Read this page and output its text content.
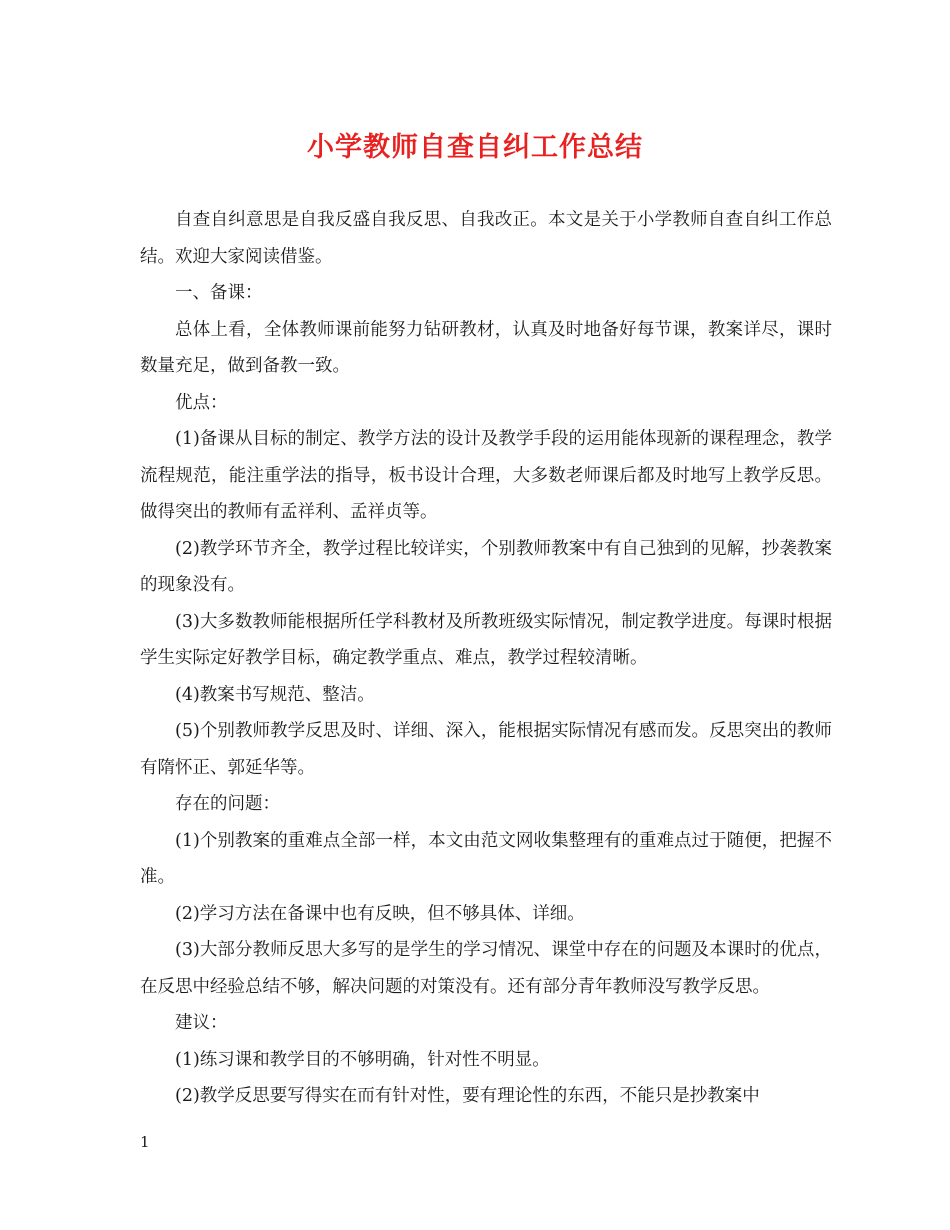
小学教师自查自纠工作总结

自查自纠意思是自我反盛自我反思、自我改正。本文是关于小学教师自查自纠工作总结。欢迎大家阅读借鉴。

一、备课：

总体上看，全体教师课前能努力钻研教材，认真及时地备好每节课，教案详尽，课时数量充足，做到备教一致。

优点：

(1)备课从目标的制定、教学方法的设计及教学手段的运用能体现新的课程理念，教学流程规范，能注重学法的指导，板书设计合理，大多数老师课后都及时地写上教学反思。做得突出的教师有孟祥利、孟祥贞等。

(2)教学环节齐全，教学过程比较详实，个别教师教案中有自己独到的见解，抄袭教案的现象没有。

(3)大多数教师能根据所任学科教材及所教班级实际情况，制定教学进度。每课时根据学生实际定好教学目标，确定教学重点、难点，教学过程较清晰。

(4)教案书写规范、整洁。

(5)个别教师教学反思及时、详细、深入，能根据实际情况有感而发。反思突出的教师有隋怀正、郭延华等。

存在的问题：

(1)个别教案的重难点全部一样，本文由范文网收集整理有的重难点过于随便，把握不准。

(2)学习方法在备课中也有反映，但不够具体、详细。

(3)大部分教师反思大多写的是学生的学习情况、课堂中存在的问题及本课时的优点，在反思中经验总结不够，解决问题的对策没有。还有部分青年教师没写教学反思。

建议：

(1)练习课和教学目的不够明确，针对性不明显。

(2)教学反思要写得实在而有针对性，要有理论性的东西，不能只是抄教案中

1
